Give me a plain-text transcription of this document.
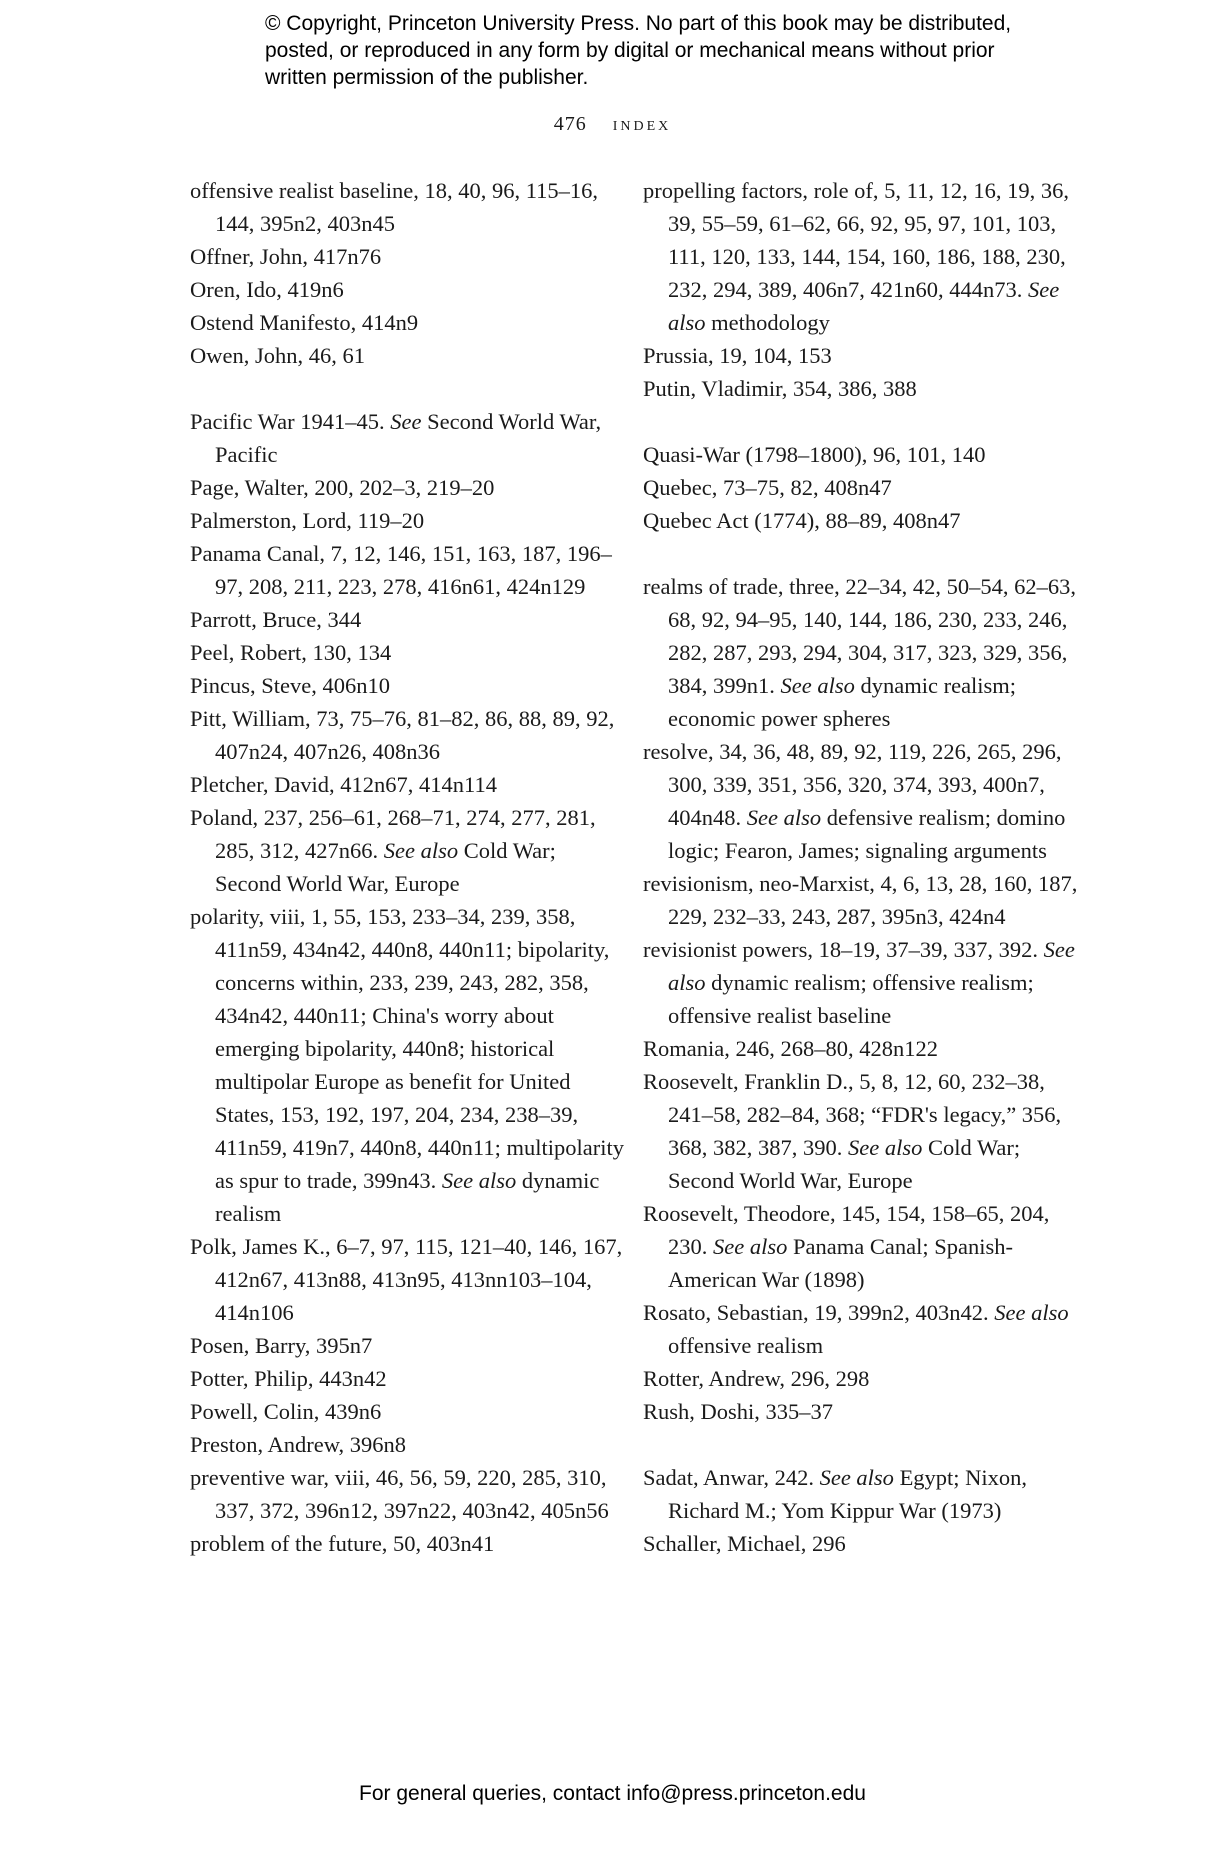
© Copyright, Princeton University Press. No part of this book may be distributed, posted, or reproduced in any form by digital or mechanical means without prior written permission of the publisher.
476 index

offensive realist baseline, 18, 40, 96, 115–16, 144, 395n2, 403n45

Offner, John, 417n76

Oren, Ido, 419n6

Ostend Manifesto, 414n9

Owen, John, 46, 61

Pacific War 1941–45. See Second World War, Pacific

Page, Walter, 200, 202–3, 219–20

Palmerston, Lord, 119–20

Panama Canal, 7, 12, 146, 151, 163, 187, 196–97, 208, 211, 223, 278, 416n61, 424n129

Parrott, Bruce, 344

Peel, Robert, 130, 134

Pincus, Steve, 406n10

Pitt, William, 73, 75–76, 81–82, 86, 88, 89, 92, 407n24, 407n26, 408n36

Pletcher, David, 412n67, 414n114

Poland, 237, 256–61, 268–71, 274, 277, 281, 285, 312, 427n66. See also Cold War; Second World War, Europe

polarity, viii, 1, 55, 153, 233–34, 239, 358, 411n59, 434n42, 440n8, 440n11; bipolarity, concerns within, 233, 239, 243, 282, 358, 434n42, 440n11; China's worry about emerging bipolarity, 440n8; historical multipolar Europe as benefit for United States, 153, 192, 197, 204, 234, 238–39, 411n59, 419n7, 440n8, 440n11; multipolarity as spur to trade, 399n43. See also dynamic realism

Polk, James K., 6–7, 97, 115, 121–40, 146, 167, 412n67, 413n88, 413n95, 413nn103–104, 414n106

Posen, Barry, 395n7

Potter, Philip, 443n42

Powell, Colin, 439n6

Preston, Andrew, 396n8

preventive war, viii, 46, 56, 59, 220, 285, 310, 337, 372, 396n12, 397n22, 403n42, 405n56

problem of the future, 50, 403n41

propelling factors, role of, 5, 11, 12, 16, 19, 36, 39, 55–59, 61–62, 66, 92, 95, 97, 101, 103, 111, 120, 133, 144, 154, 160, 186, 188, 230, 232, 294, 389, 406n7, 421n60, 444n73. See also methodology

Prussia, 19, 104, 153

Putin, Vladimir, 354, 386, 388

Quasi-War (1798–1800), 96, 101, 140

Quebec, 73–75, 82, 408n47

Quebec Act (1774), 88–89, 408n47

realms of trade, three, 22–34, 42, 50–54, 62–63, 68, 92, 94–95, 140, 144, 186, 230, 233, 246, 282, 287, 293, 294, 304, 317, 323, 329, 356, 384, 399n1. See also dynamic realism; economic power spheres

resolve, 34, 36, 48, 89, 92, 119, 226, 265, 296, 300, 339, 351, 356, 320, 374, 393, 400n7, 404n48. See also defensive realism; domino logic; Fearon, James; signaling arguments

revisionism, neo-Marxist, 4, 6, 13, 28, 160, 187, 229, 232–33, 243, 287, 395n3, 424n4

revisionist powers, 18–19, 37–39, 337, 392. See also dynamic realism; offensive realism; offensive realist baseline

Romania, 246, 268–80, 428n122

Roosevelt, Franklin D., 5, 8, 12, 60, 232–38, 241–58, 282–84, 368; “FDR's legacy,” 356, 368, 382, 387, 390. See also Cold War; Second World War, Europe

Roosevelt, Theodore, 145, 154, 158–65, 204, 230. See also Panama Canal; Spanish-American War (1898)

Rosato, Sebastian, 19, 399n2, 403n42. See also offensive realism

Rotter, Andrew, 296, 298

Rush, Doshi, 335–37

Sadat, Anwar, 242. See also Egypt; Nixon, Richard M.; Yom Kippur War (1973)

Schaller, Michael, 296

For general queries, contact info@press.princeton.edu
